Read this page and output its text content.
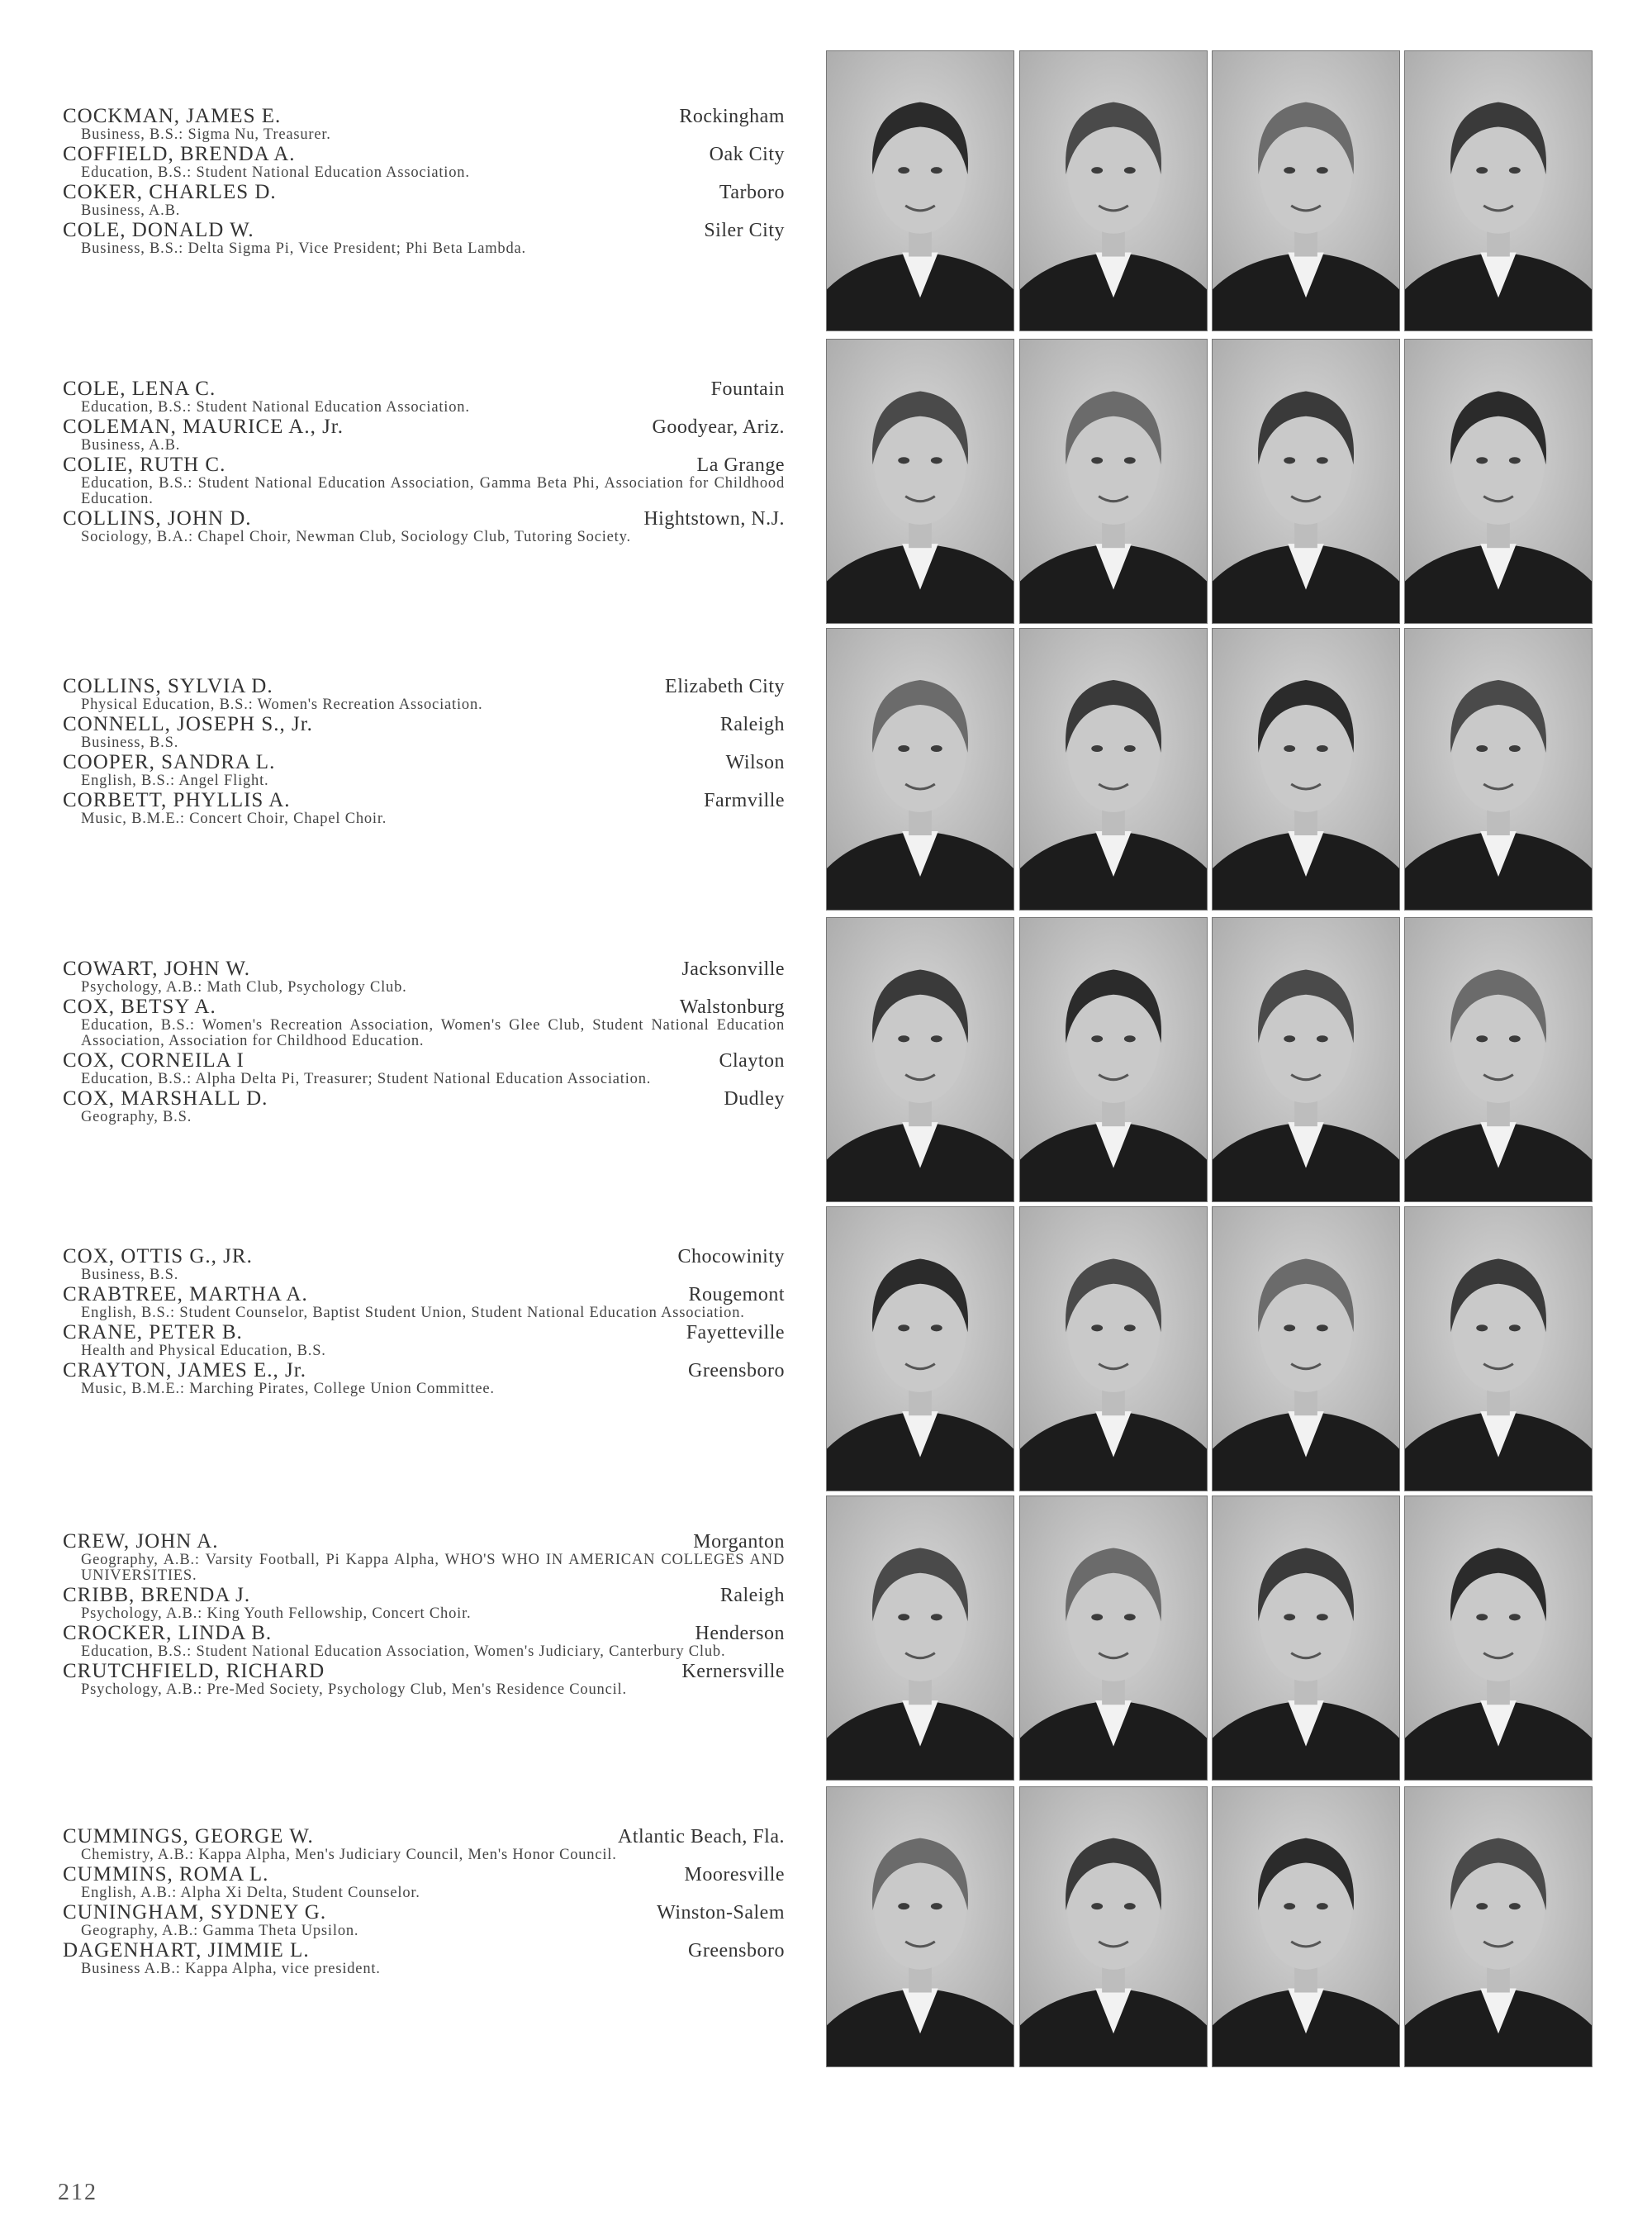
COCKMAN, JAMES E.	Rockingham
Business, B.S.: Sigma Nu, Treasurer.
COFFIELD, BRENDA A.	Oak City
Education, B.S.: Student National Education Association.
COKER, CHARLES D.	Tarboro
Business, A.B.
COLE, DONALD W.	Siler City
Business, B.S.: Delta Sigma Pi, Vice President; Phi Beta Lambda.
COLE, LENA C.	Fountain
Education, B.S.: Student National Education Association.
COLEMAN, MAURICE A., Jr.	Goodyear, Ariz.
Business, A.B.
COLIE, RUTH C.	La Grange
Education, B.S.: Student National Education Association, Gamma Beta Phi, Association for Childhood Education.
COLLINS, JOHN D.	Hightstown, N.J.
Sociology, B.A.: Chapel Choir, Newman Club, Sociology Club, Tutoring Society.
COLLINS, SYLVIA D.	Elizabeth City
Physical Education, B.S.: Women's Recreation Association.
CONNELL, JOSEPH S., Jr.	Raleigh
Business, B.S.
COOPER, SANDRA L.	Wilson
English, B.S.: Angel Flight.
CORBETT, PHYLLIS A.	Farmville
Music, B.M.E.: Concert Choir, Chapel Choir.
COWART, JOHN W.	Jacksonville
Psychology, A.B.: Math Club, Psychology Club.
COX, BETSY A.	Walstonburg
Education, B.S.: Women's Recreation Association, Women's Glee Club, Student National Education Association, Association for Childhood Education.
COX, CORNEILA I	Clayton
Education, B.S.: Alpha Delta Pi, Treasurer; Student National Education Association.
COX, MARSHALL D.	Dudley
Geography, B.S.
COX, OTTIS G., JR.	Chocowinity
Business, B.S.
CRABTREE, MARTHA A.	Rougemont
English, B.S.: Student Counselor, Baptist Student Union, Student National Education Association.
CRANE, PETER B.	Fayetteville
Health and Physical Education, B.S.
CRAYTON, JAMES E., Jr.	Greensboro
Music, B.M.E.: Marching Pirates, College Union Committee.
CREW, JOHN A.	Morganton
Geography, A.B.: Varsity Football, Pi Kappa Alpha, WHO'S WHO IN AMERICAN COLLEGES AND UNIVERSITIES.
CRIBB, BRENDA J.	Raleigh
Psychology, A.B.: King Youth Fellowship, Concert Choir.
CROCKER, LINDA B.	Henderson
Education, B.S.: Student National Education Association, Women's Judiciary, Canterbury Club.
CRUTCHFIELD, RICHARD	Kernersville
Psychology, A.B.: Pre-Med Society, Psychology Club, Men's Residence Council.
CUMMINGS, GEORGE W.	Atlantic Beach, Fla.
Chemistry, A.B.: Kappa Alpha, Men's Judiciary Council, Men's Honor Council.
CUMMINS, ROMA L.	Mooresville
English, A.B.: Alpha Xi Delta, Student Counselor.
CUNINGHAM, SYDNEY G.	Winston-Salem
Geography, A.B.: Gamma Theta Upsilon.
DAGENHART, JIMMIE L.	Greensboro
Business A.B.: Kappa Alpha, vice president.
212
